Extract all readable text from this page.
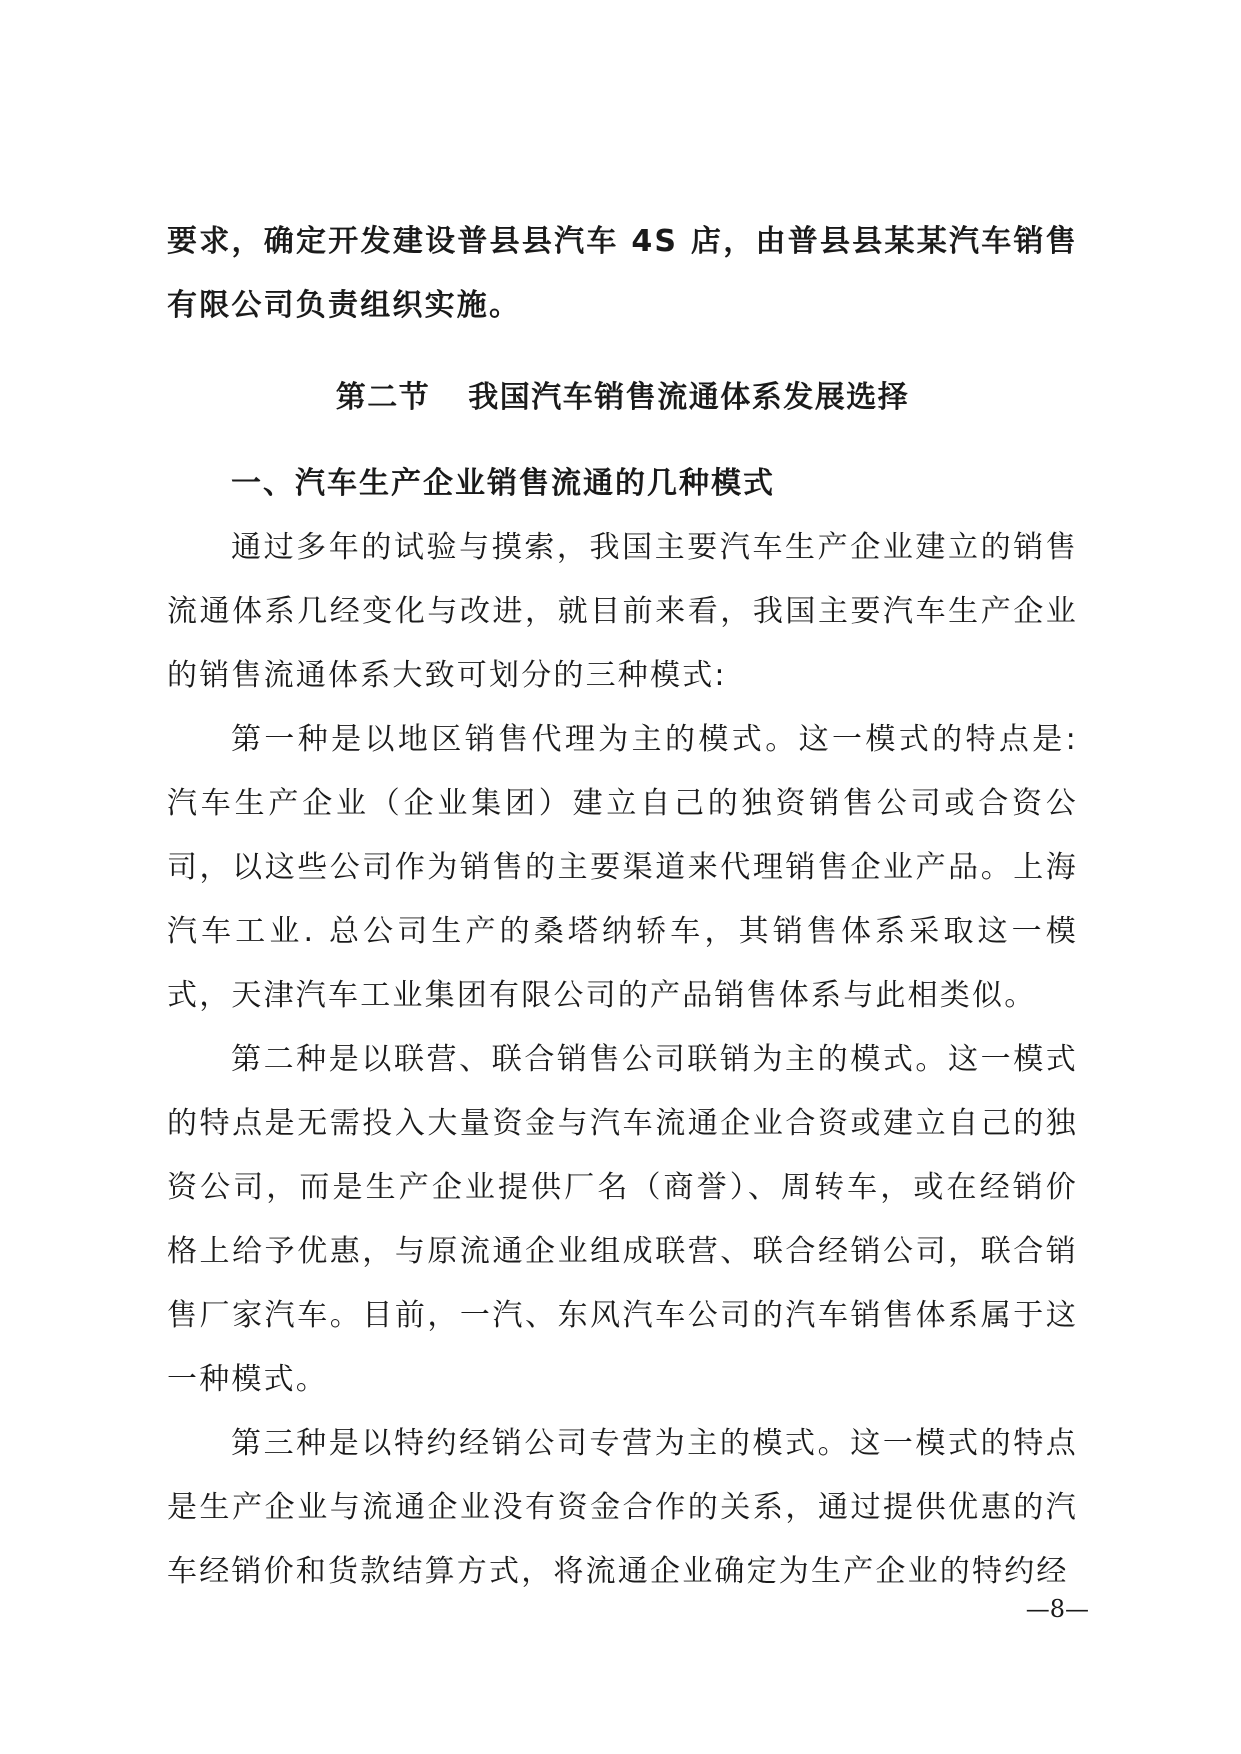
要求，确定开发建设普县县汽车 4S 店，由普县县某某汽车销售有限公司负责组织实施。

第二节 我国汽车销售流通体系发展选择

一、汽车生产企业销售流通的几种模式

通过多年的试验与摸索，我国主要汽车生产企业建立的销售流通体系几经变化与改进，就目前来看，我国主要汽车生产企业的销售流通体系大致可划分的三种模式:

第一种是以地区销售代理为主的模式。这一模式的特点是:汽车生产企业（企业集团）建立自己的独资销售公司或合资公司，以这些公司作为销售的主要渠道来代理销售企业产品。上海汽车工业. 总公司生产的桑塔纳轿车，其销售体系采取这一模式，天津汽车工业集团有限公司的产品销售体系与此相类似。

第二种是以联营、联合销售公司联销为主的模式。这一模式的特点是无需投入大量资金与汽车流通企业合资或建立自己的独资公司，而是生产企业提供厂名（商誉）、周转车，或在经销价格上给予优惠，与原流通企业组成联营、联合经销公司，联合销售厂家汽车。目前，一汽、东风汽车公司的汽车销售体系属于这一种模式。

第三种是以特约经销公司专营为主的模式。这一模式的特点是生产企业与流通企业没有资金合作的关系，通过提供优惠的汽车经销价和货款结算方式，将流通企业确定为生产企业的特约经

—8—
